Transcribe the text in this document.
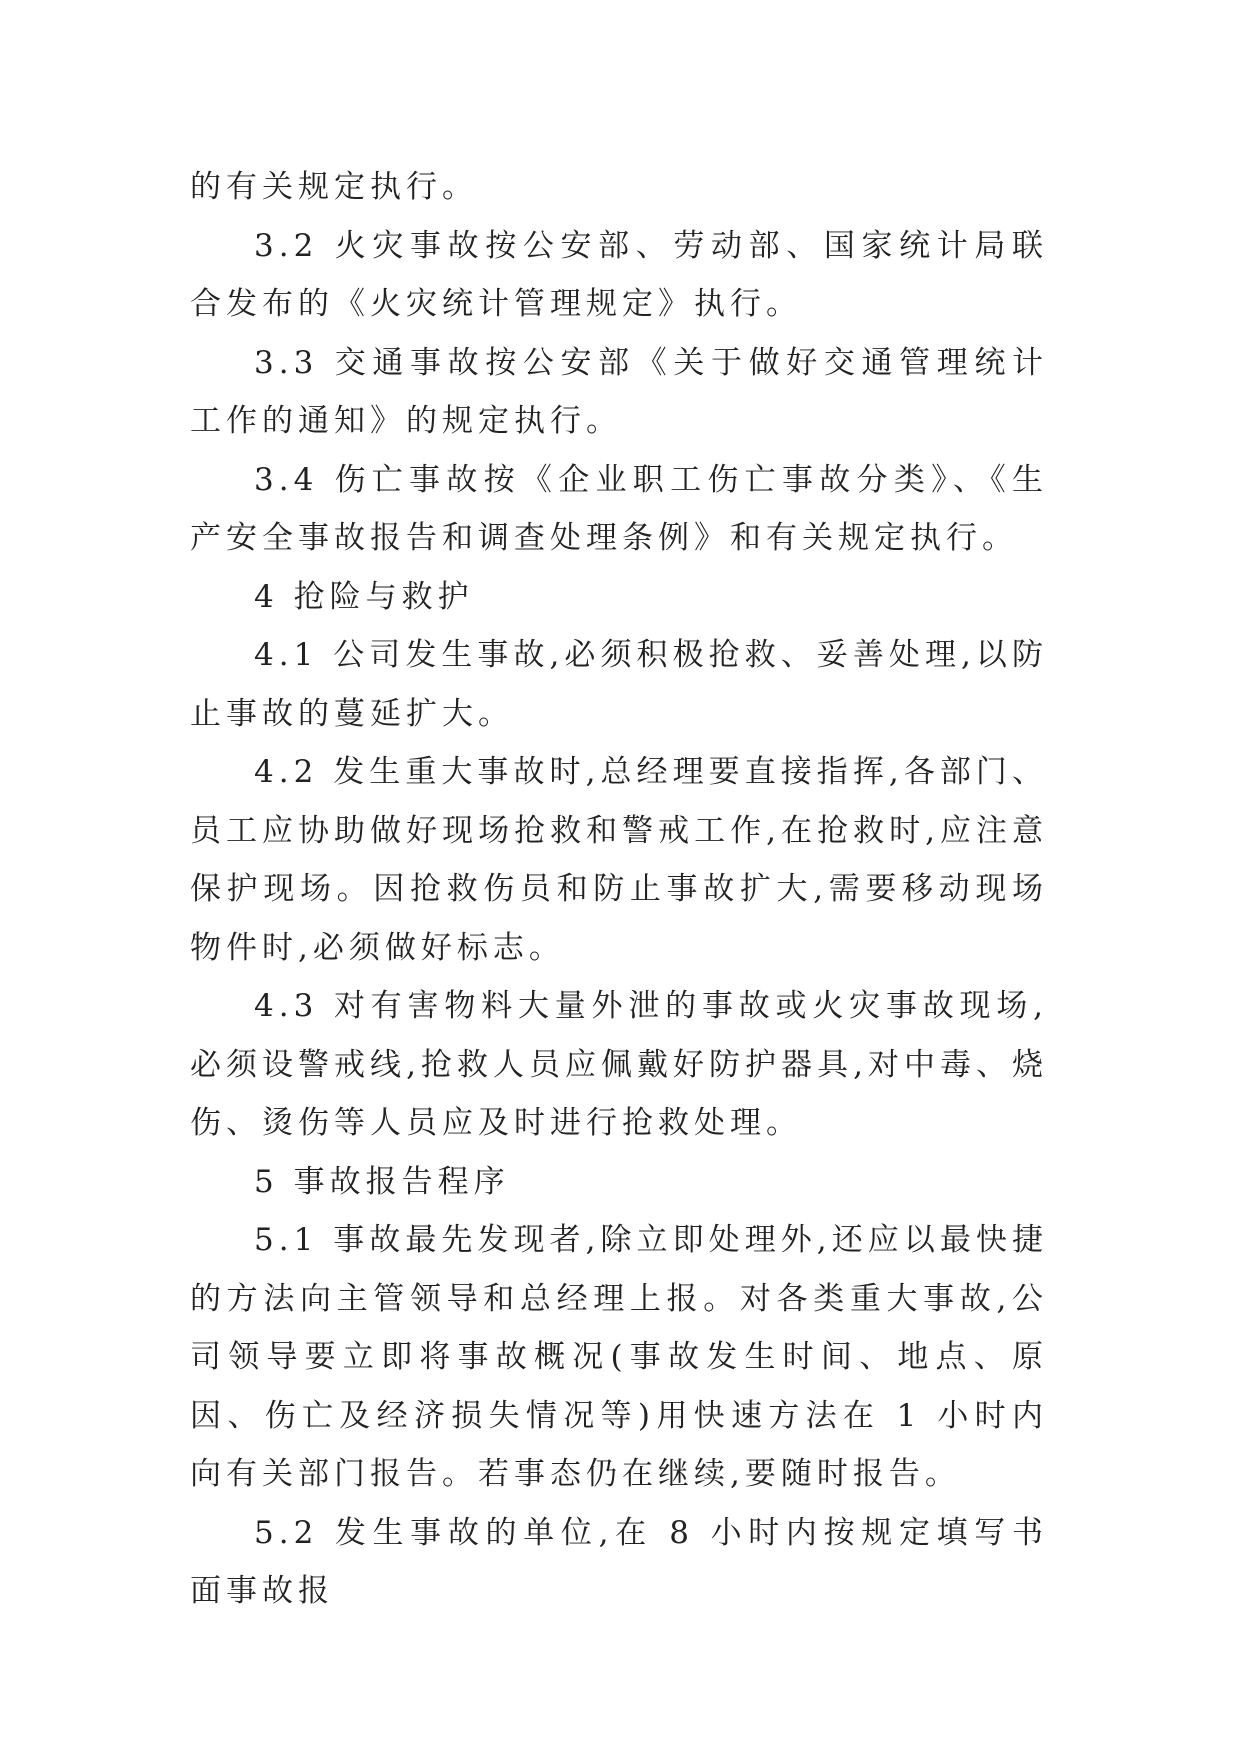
的有关规定执行。

3.2 火灾事故按公安部、劳动部、国家统计局联合发布的《火灾统计管理规定》执行。

3.3 交通事故按公安部《关于做好交通管理统计工作的通知》的规定执行。

3.4 伤亡事故按《企业职工伤亡事故分类》、《生产安全事故报告和调查处理条例》和有关规定执行。

4 抢险与救护

4.1 公司发生事故,必须积极抢救、妥善处理,以防止事故的蔓延扩大。

4.2 发生重大事故时,总经理要直接指挥,各部门、员工应协助做好现场抢救和警戒工作,在抢救时,应注意保护现场。因抢救伤员和防止事故扩大,需要移动现场物件时,必须做好标志。

4.3 对有害物料大量外泄的事故或火灾事故现场,必须设警戒线,抢救人员应佩戴好防护器具,对中毒、烧伤、烫伤等人员应及时进行抢救处理。

5 事故报告程序

5.1 事故最先发现者,除立即处理外,还应以最快捷的方法向主管领导和总经理上报。对各类重大事故,公司领导要立即将事故概况(事故发生时间、地点、原因、伤亡及经济损失情况等)用快速方法在 1 小时内向有关部门报告。若事态仍在继续,要随时报告。

5.2 发生事故的单位,在 8 小时内按规定填写书面事故报
